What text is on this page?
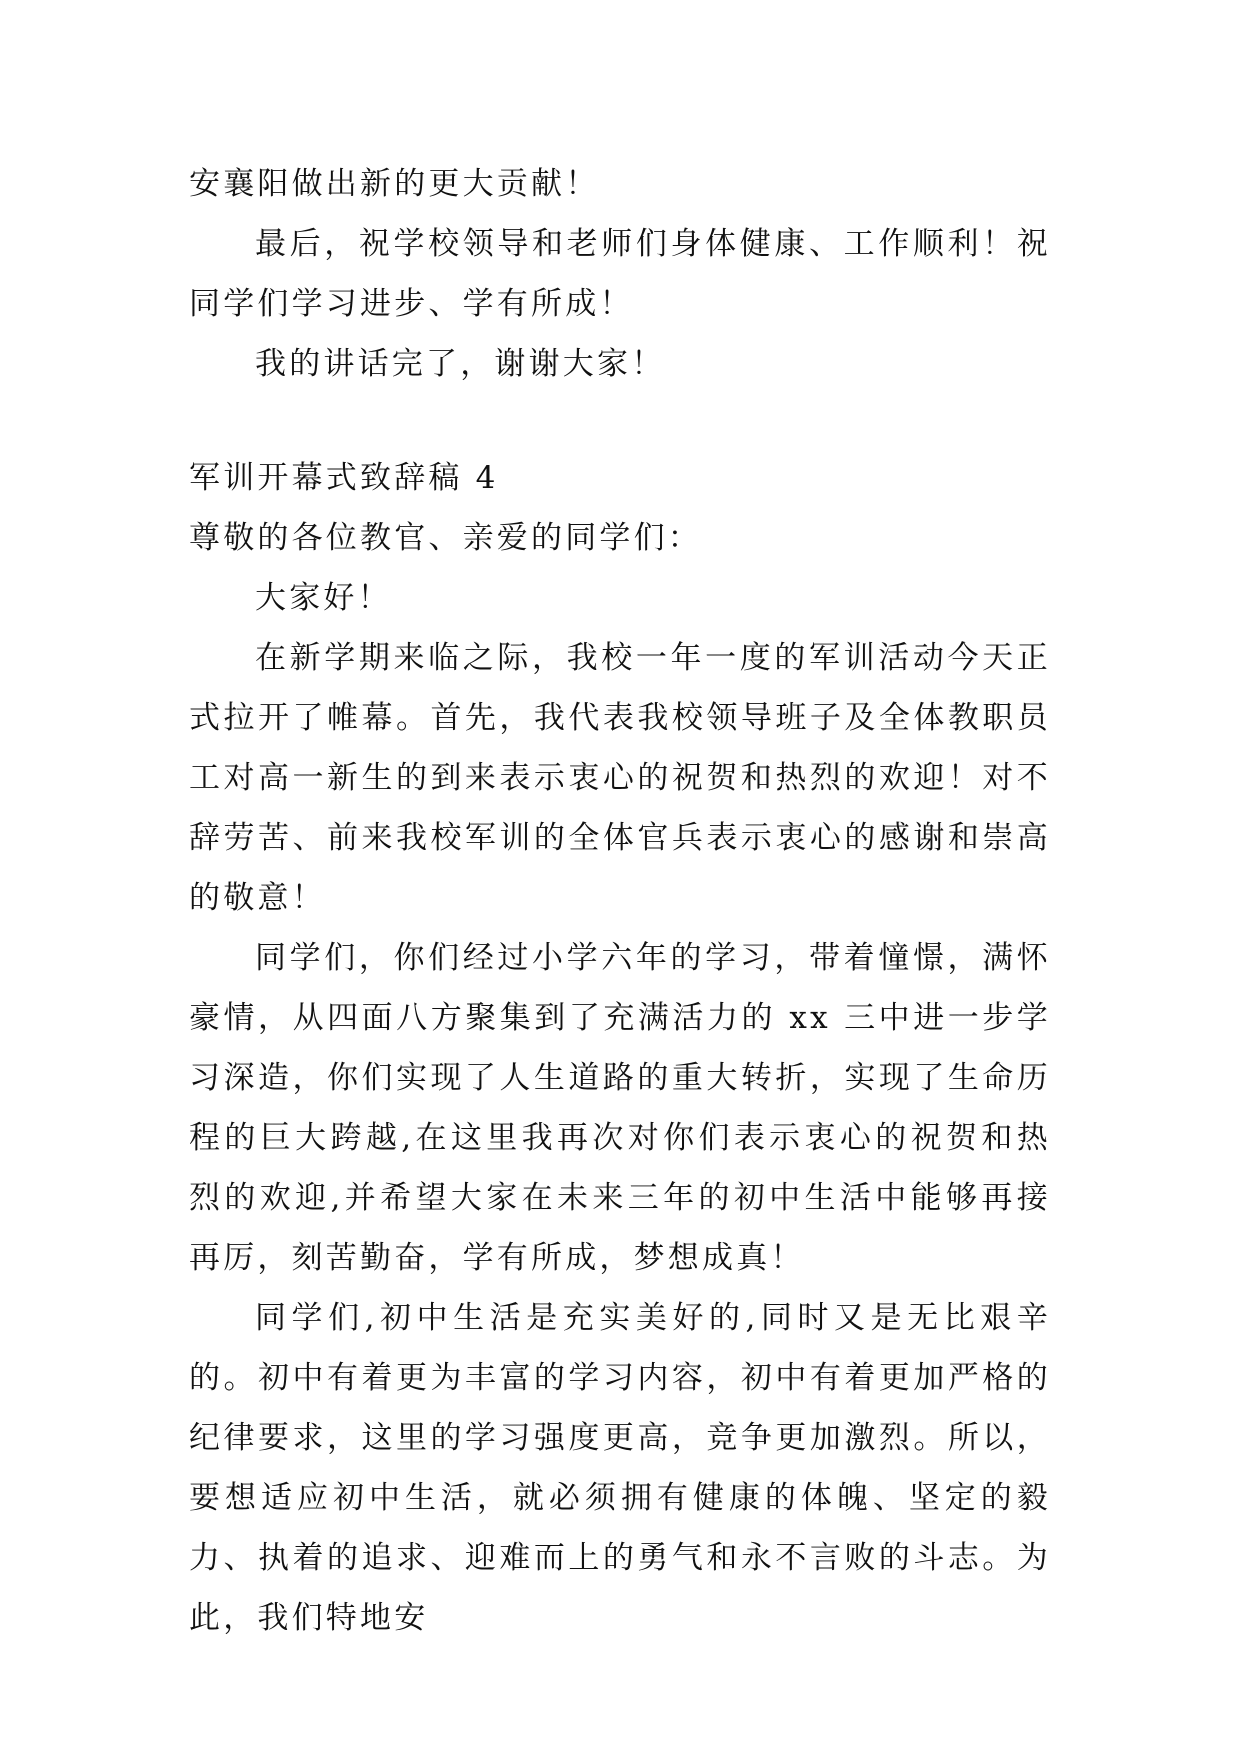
安襄阳做出新的更大贡献！

最后，祝学校领导和老师们身体健康、工作顺利！祝同学们学习进步、学有所成！

我的讲话完了，谢谢大家！

军训开幕式致辞稿 4

尊敬的各位教官、亲爱的同学们：

大家好！

在新学期来临之际，我校一年一度的军训活动今天正式拉开了帷幕。首先，我代表我校领导班子及全体教职员工对高一新生的到来表示衷心的祝贺和热烈的欢迎！对不辞劳苦、前来我校军训的全体官兵表示衷心的感谢和崇高的敬意！

同学们，你们经过小学六年的学习，带着憧憬，满怀豪情，从四面八方聚集到了充满活力的 xx 三中进一步学习深造，你们实现了人生道路的重大转折，实现了生命历程的巨大跨越,在这里我再次对你们表示衷心的祝贺和热烈的欢迎,并希望大家在未来三年的初中生活中能够再接再厉，刻苦勤奋，学有所成，梦想成真！

同学们,初中生活是充实美好的,同时又是无比艰辛的。初中有着更为丰富的学习内容，初中有着更加严格的纪律要求，这里的学习强度更高，竞争更加激烈。所以，要想适应初中生活，就必须拥有健康的体魄、坚定的毅力、执着的追求、迎难而上的勇气和永不言败的斗志。为此，我们特地安
